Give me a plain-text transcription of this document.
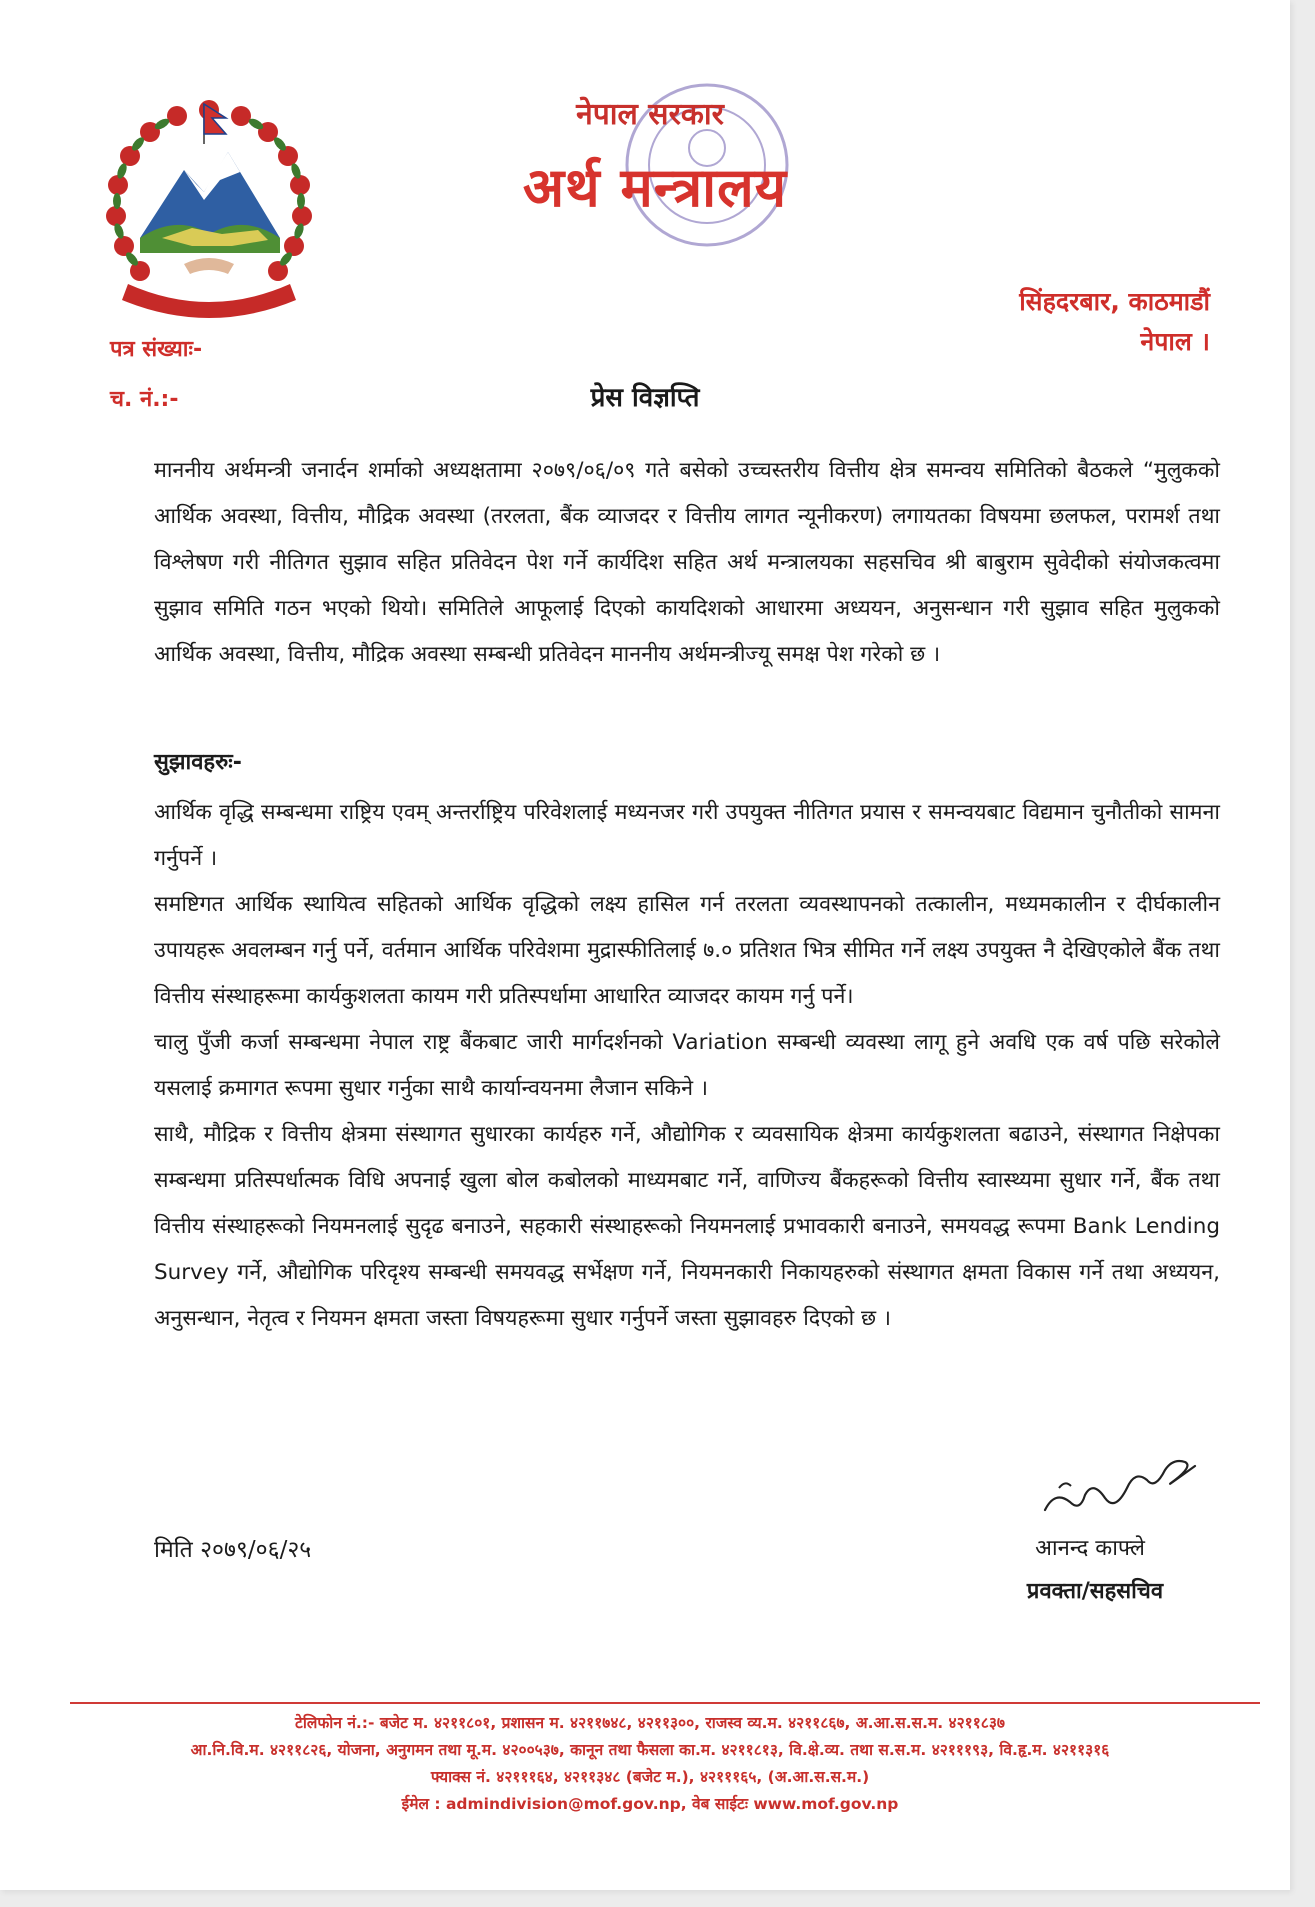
नेपाल सरकार
अर्थ मन्त्रालय
सिंहदरबार, काठमाडौं
नेपाल ।
पत्र संख्याः-
च. नं.:-	प्रेस विज्ञप्ति

माननीय अर्थमन्त्री जनार्दन शर्माको अध्यक्षतामा २०७९/०६/०९ गते बसेको उच्चस्तरीय वित्तीय क्षेत्र समन्वय समितिको बैठकले “मुलुकको आर्थिक अवस्था, वित्तीय, मौद्रिक अवस्था (तरलता, बैंक व्याजदर र वित्तीय लागत न्यूनीकरण) लगायतका विषयमा छलफल, परामर्श तथा विश्लेषण गरी नीतिगत सुझाव सहित प्रतिवेदन पेश गर्ने कार्यदिश सहित अर्थ मन्त्रालयका सहसचिव श्री बाबुराम सुवेदीको संयोजकत्वमा सुझाव समिति गठन भएको थियो। समितिले आफूलाई दिएको कायदिशको आधारमा अध्ययन, अनुसन्धान गरी सुझाव सहित मुलुकको आर्थिक अवस्था, वित्तीय, मौद्रिक अवस्था सम्बन्धी प्रतिवेदन माननीय अर्थमन्त्रीज्यू समक्ष पेश गरेको छ ।

सुझावहरुः-

आर्थिक वृद्धि सम्बन्धमा राष्ट्रिय एवम् अन्तर्राष्ट्रिय परिवेशलाई मध्यनजर गरी उपयुक्त नीतिगत प्रयास र समन्वयबाट विद्यमान चुनौतीको सामना गर्नुपर्ने ।

समष्टिगत आर्थिक स्थायित्व सहितको आर्थिक वृद्धिको लक्ष्य हासिल गर्न तरलता व्यवस्थापनको तत्कालीन, मध्यमकालीन र दीर्घकालीन उपायहरू अवलम्बन गर्नु पर्ने, वर्तमान आर्थिक परिवेशमा मुद्रास्फीतिलाई ७.० प्रतिशत भित्र सीमित गर्ने लक्ष्य उपयुक्त नै देखिएकोले बैंक तथा वित्तीय संस्थाहरूमा कार्यकुशलता कायम गरी प्रतिस्पर्धामा आधारित व्याजदर कायम गर्नु पर्ने।

चालु पुँजी कर्जा सम्बन्धमा नेपाल राष्ट्र बैंकबाट जारी मार्गदर्शनको Variation सम्बन्धी व्यवस्था लागू हुने अवधि एक वर्ष पछि सरेकोले यसलाई क्रमागत रूपमा सुधार गर्नुका साथै कार्यान्वयनमा लैजान सकिने ।

साथै, मौद्रिक र वित्तीय क्षेत्रमा संस्थागत सुधारका कार्यहरु गर्ने, औद्योगिक र व्यवसायिक क्षेत्रमा कार्यकुशलता बढाउने, संस्थागत निक्षेपका सम्बन्धमा प्रतिस्पर्धात्मक विधि अपनाई खुला बोल कबोलको माध्यमबाट गर्ने, वाणिज्य बैंकहरूको वित्तीय स्वास्थ्यमा सुधार गर्ने, बैंक तथा वित्तीय संस्थाहरूको नियमनलाई सुदृढ बनाउने, सहकारी संस्थाहरूको नियमनलाई प्रभावकारी बनाउने, समयवद्ध रूपमा Bank Lending Survey गर्ने, औद्योगिक परिदृश्य सम्बन्धी समयवद्ध सर्भेक्षण गर्ने, नियमनकारी निकायहरुको संस्थागत क्षमता विकास गर्ने तथा अध्ययन, अनुसन्धान, नेतृत्व र नियमन क्षमता जस्ता विषयहरूमा सुधार गर्नुपर्ने जस्ता सुझावहरु दिएको छ ।

मिति २०७९/०६/२५	आनन्द काफ्ले
प्रवक्ता/सहसचिव
टेलिफोन नं.:- बजेट म. ४२११८०१, प्रशासन म. ४२११७४८, ४२११३००, राजस्व व्य.म. ४२११८६७, अ.आ.स.स.म. ४२११८३७
आ.नि.वि.म. ४२११८२६, योजना, अनुगमन तथा मू.म. ४२००५३७, कानून तथा फैसला का.म. ४२११८१३, वि.क्षे.व्य. तथा स.स.म. ४२१११९३, वि.हृ.म. ४२११३१६
फ्याक्स नं. ४२१११६४, ४२११३४८ (बजेट म.), ४२१११६५, (अ.आ.स.स.म.)
ईमेल : admindivision@mof.gov.np, वेब साईटः www.mof.gov.np
